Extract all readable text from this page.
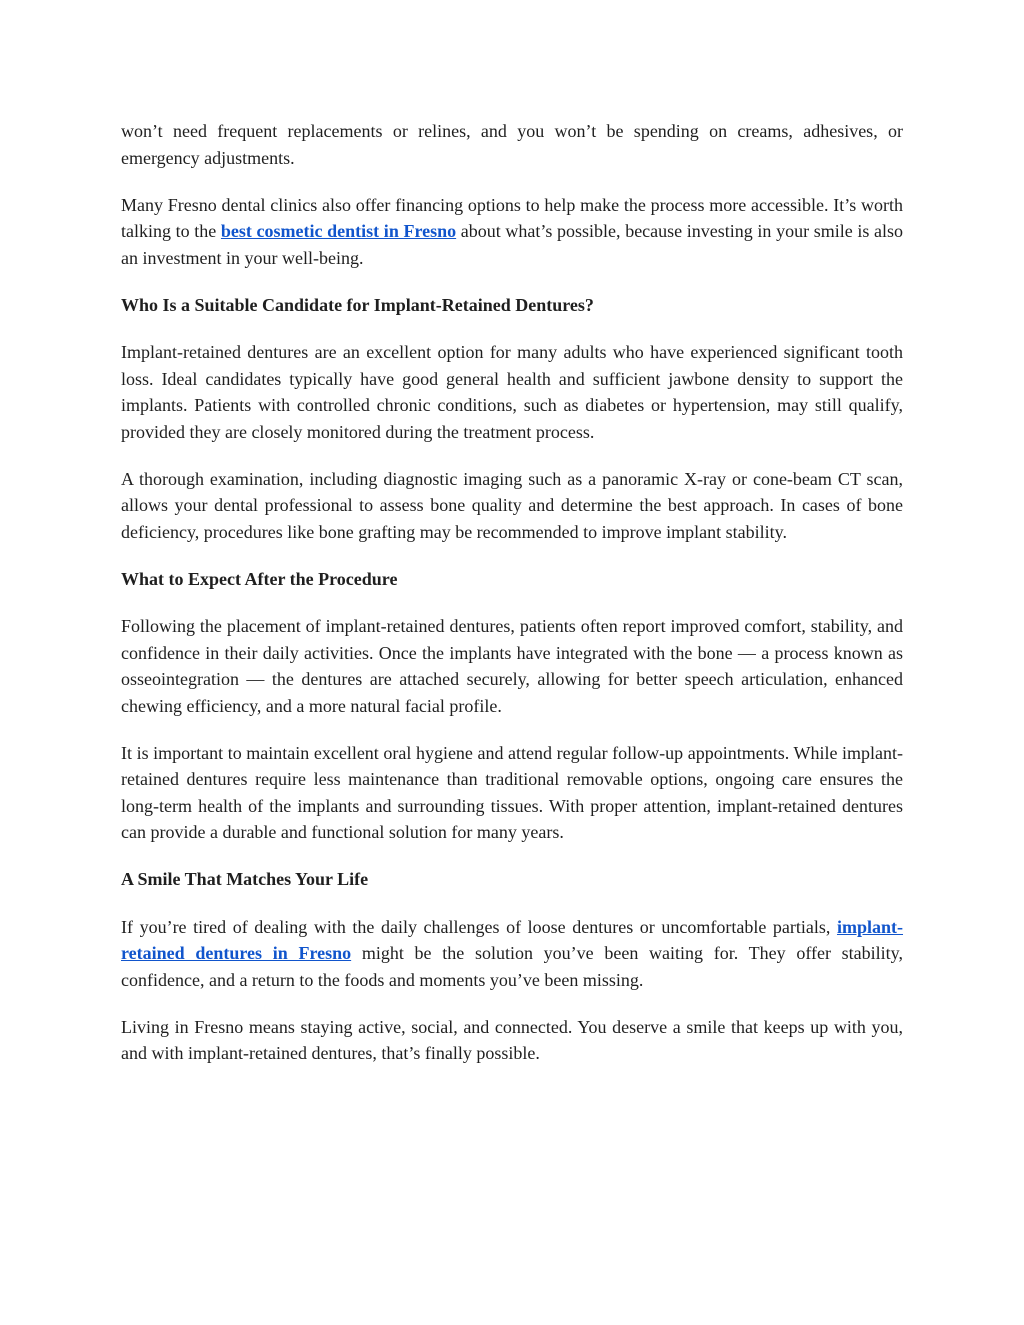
won’t need frequent replacements or relines, and you won’t be spending on creams, adhesives, or emergency adjustments.

Many Fresno dental clinics also offer financing options to help make the process more accessible. It’s worth talking to the best cosmetic dentist in Fresno about what’s possible, because investing in your smile is also an investment in your well-being.

Who Is a Suitable Candidate for Implant-Retained Dentures?

Implant-retained dentures are an excellent option for many adults who have experienced significant tooth loss. Ideal candidates typically have good general health and sufficient jawbone density to support the implants. Patients with controlled chronic conditions, such as diabetes or hypertension, may still qualify, provided they are closely monitored during the treatment process.

A thorough examination, including diagnostic imaging such as a panoramic X-ray or cone-beam CT scan, allows your dental professional to assess bone quality and determine the best approach. In cases of bone deficiency, procedures like bone grafting may be recommended to improve implant stability.

What to Expect After the Procedure

Following the placement of implant-retained dentures, patients often report improved comfort, stability, and confidence in their daily activities. Once the implants have integrated with the bone — a process known as osseointegration — the dentures are attached securely, allowing for better speech articulation, enhanced chewing efficiency, and a more natural facial profile.

It is important to maintain excellent oral hygiene and attend regular follow-up appointments. While implant-retained dentures require less maintenance than traditional removable options, ongoing care ensures the long-term health of the implants and surrounding tissues. With proper attention, implant-retained dentures can provide a durable and functional solution for many years.

A Smile That Matches Your Life

If you’re tired of dealing with the daily challenges of loose dentures or uncomfortable partials, implant-retained dentures in Fresno might be the solution you’ve been waiting for. They offer stability, confidence, and a return to the foods and moments you’ve been missing.

Living in Fresno means staying active, social, and connected. You deserve a smile that keeps up with you, and with implant-retained dentures, that’s finally possible.
